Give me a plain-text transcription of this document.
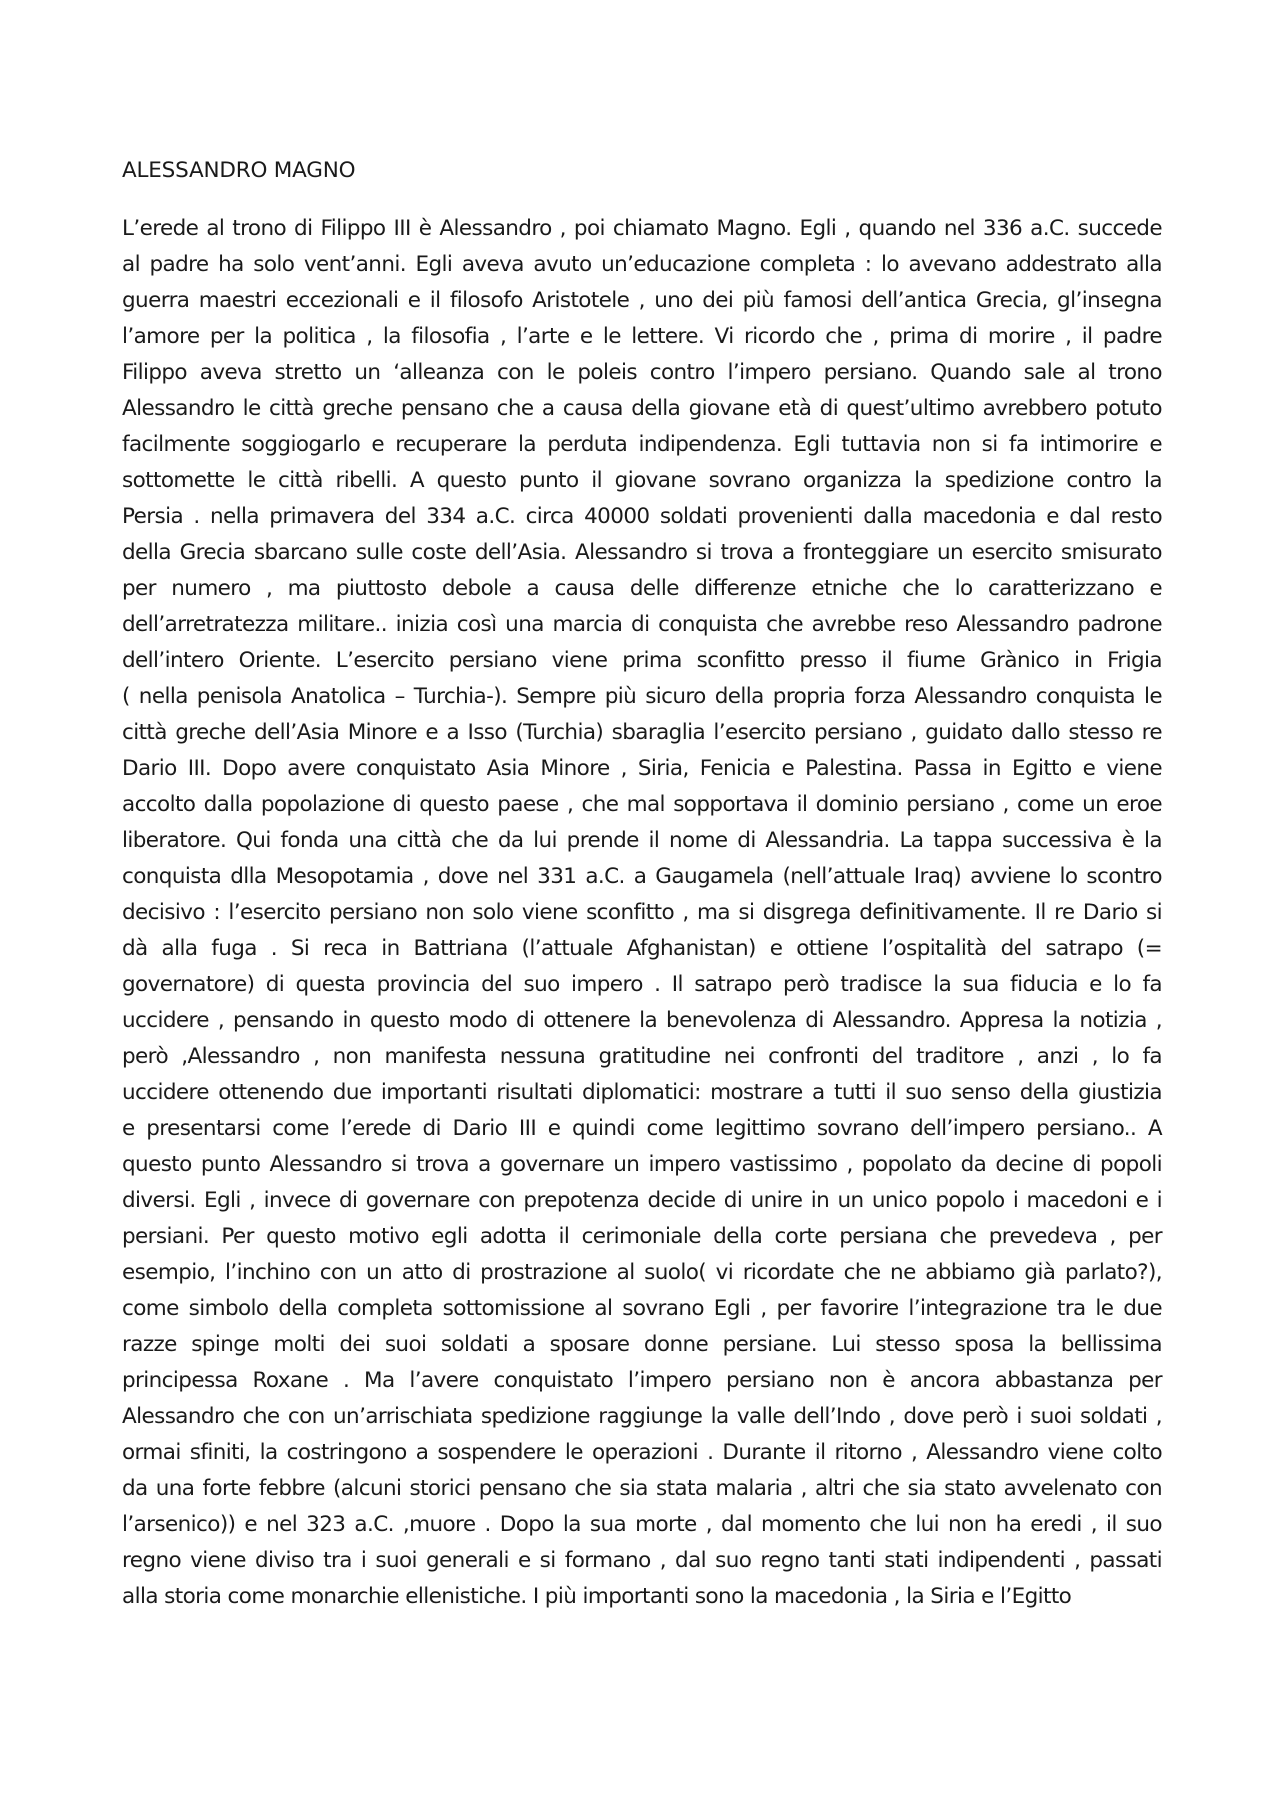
ALESSANDRO MAGNO
L’erede al trono di Filippo III è Alessandro , poi chiamato Magno. Egli , quando nel 336 a.C. succede
al padre ha solo vent’anni. Egli aveva avuto un’educazione completa : lo avevano addestrato alla
guerra maestri eccezionali e il filosofo Aristotele , uno dei più famosi dell’antica Grecia, gl’insegna
l’amore per la politica , la filosofia , l’arte e le lettere. Vi ricordo che , prima di morire , il padre
Filippo aveva stretto un ‘alleanza con le poleis contro l’impero persiano. Quando sale al trono
Alessandro le città greche pensano che a causa della giovane età di quest’ultimo avrebbero potuto
facilmente soggiogarlo e recuperare la perduta indipendenza. Egli tuttavia non si fa intimorire e
sottomette le città ribelli. A questo punto il giovane sovrano organizza la spedizione contro la
Persia . nella primavera del 334 a.C. circa 40000 soldati provenienti dalla macedonia e dal resto
della Grecia sbarcano sulle coste dell’Asia. Alessandro si trova a fronteggiare un esercito smisurato
per numero , ma piuttosto debole a causa delle differenze etniche che lo caratterizzano e
dell’arretratezza militare.. inizia così una marcia di conquista che avrebbe reso Alessandro padrone
dell’intero Oriente. L’esercito persiano viene prima sconfitto presso il fiume Grànico in Frigia
( nella penisola Anatolica – Turchia-). Sempre più sicuro della propria forza Alessandro conquista le
città greche dell’Asia Minore e a Isso (Turchia) sbaraglia l’esercito persiano , guidato dallo stesso re
Dario III. Dopo avere conquistato Asia Minore , Siria, Fenicia e Palestina. Passa in Egitto e viene
accolto dalla popolazione di questo paese , che mal sopportava il dominio persiano , come un eroe
liberatore. Qui fonda una città che da lui prende il nome di Alessandria. La tappa successiva è la
conquista dlla Mesopotamia , dove nel 331 a.C. a Gaugamela (nell’attuale Iraq) avviene lo scontro
decisivo : l’esercito persiano non solo viene sconfitto , ma si disgrega definitivamente. Il re Dario si
dà alla fuga . Si reca in Battriana (l’attuale Afghanistan) e ottiene l’ospitalità del satrapo (=
governatore) di questa provincia del suo impero . Il satrapo però tradisce la sua fiducia e lo fa
uccidere , pensando in questo modo di ottenere la benevolenza di Alessandro. Appresa la notizia ,
però ,Alessandro , non manifesta nessuna gratitudine nei confronti del traditore , anzi , lo fa
uccidere ottenendo due importanti risultati diplomatici: mostrare a tutti il suo senso della giustizia
e presentarsi come l’erede di Dario III e quindi come legittimo sovrano dell’impero persiano.. A
questo punto Alessandro si trova a governare un impero vastissimo , popolato da decine di popoli
diversi. Egli , invece di governare con prepotenza decide di unire in un unico popolo i macedoni e i
persiani. Per questo motivo egli adotta il cerimoniale della corte persiana che prevedeva , per
esempio, l’inchino con un atto di prostrazione al suolo( vi ricordate che ne abbiamo già parlato?),
come simbolo della completa sottomissione al sovrano Egli , per favorire l’integrazione tra le due
razze spinge molti dei suoi soldati a sposare donne persiane. Lui stesso sposa la bellissima
principessa Roxane . Ma l’avere conquistato l’impero persiano non è ancora abbastanza per
Alessandro che con un’arrischiata spedizione raggiunge la valle dell’Indo , dove però i suoi soldati ,
ormai sfiniti, la costringono a sospendere le operazioni . Durante il ritorno , Alessandro viene colto
da una forte febbre (alcuni storici pensano che sia stata malaria , altri che sia stato avvelenato con
l’arsenico)) e nel 323 a.C. ,muore . Dopo la sua morte , dal momento che lui non ha eredi , il suo
regno viene diviso tra i suoi generali e si formano , dal suo regno tanti stati indipendenti , passati
alla storia come monarchie ellenistiche. I più importanti sono la macedonia , la Siria e l’Egitto
